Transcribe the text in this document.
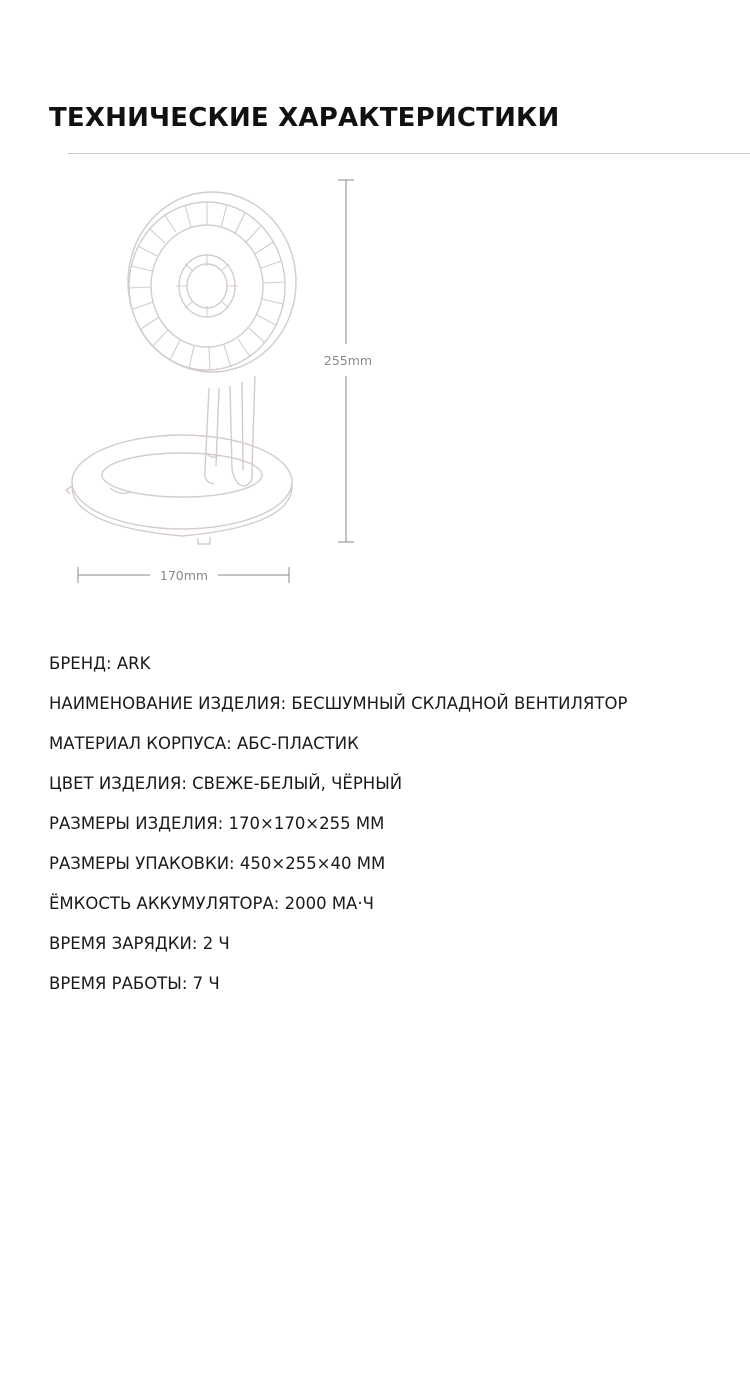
ТЕХНИЧЕСКИЕ ХАРАКТЕРИСТИКИ
255mm
170mm
БРЕНД: ARK
НАИМЕНОВАНИЕ ИЗДЕЛИЯ: БЕСШУМНЫЙ СКЛАДНОЙ ВЕНТИЛЯТОР
МАТЕРИАЛ КОРПУСА: АБС-ПЛАСТИК
ЦВЕТ ИЗДЕЛИЯ: СВЕЖЕ-БЕЛЫЙ, ЧЁРНЫЙ
РАЗМЕРЫ ИЗДЕЛИЯ: 170×170×255 ММ
РАЗМЕРЫ УПАКОВКИ: 450×255×40 ММ
ЁМКОСТЬ АККУМУЛЯТОРА: 2000 МА·Ч
ВРЕМЯ ЗАРЯДКИ: 2 Ч
ВРЕМЯ РАБОТЫ: 7 Ч
